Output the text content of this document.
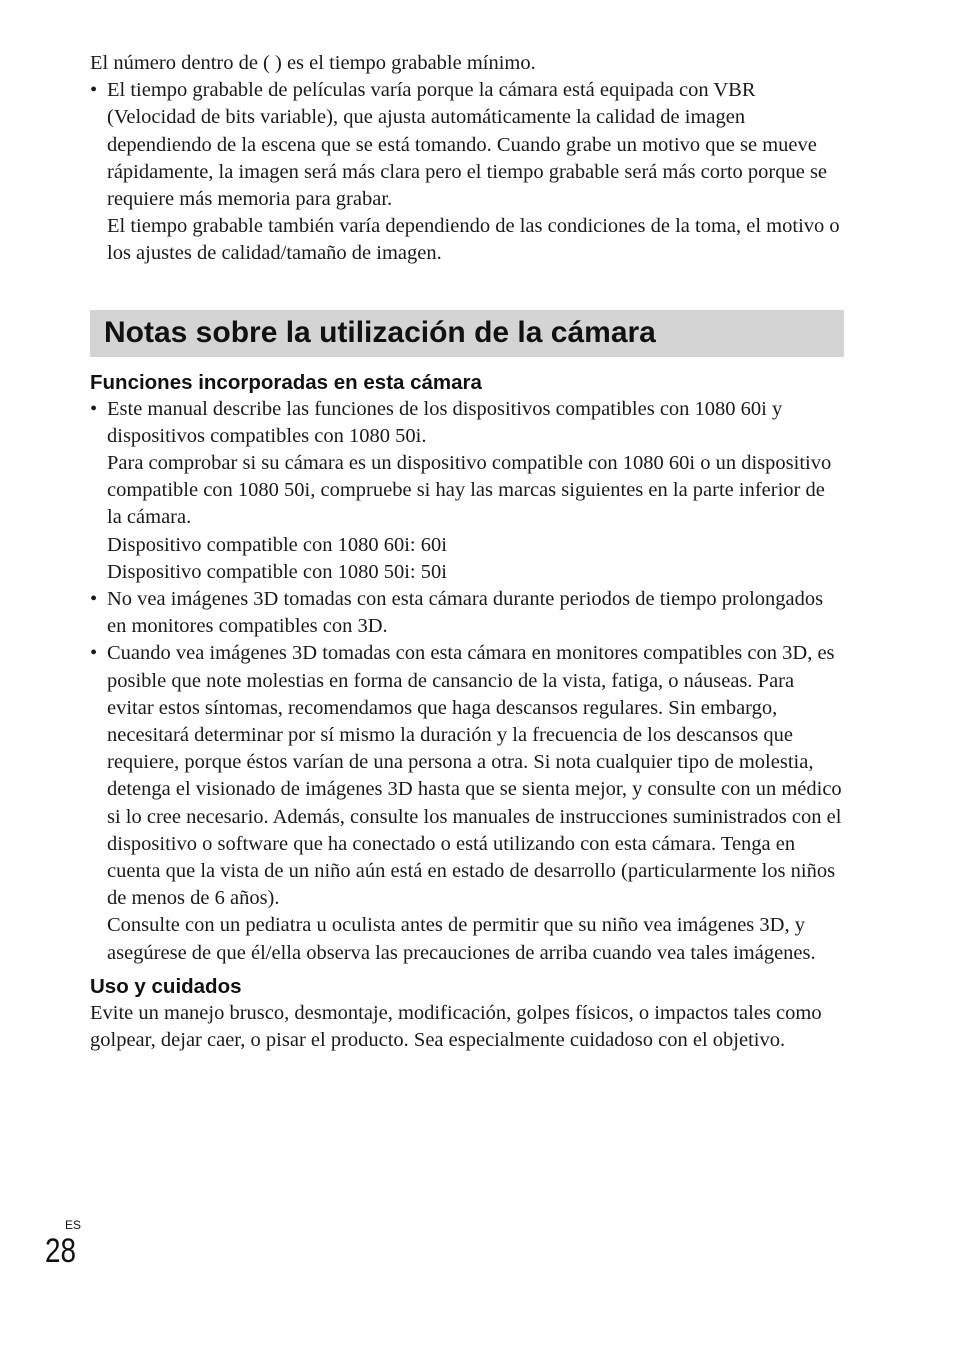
El número dentro de ( ) es el tiempo grabable mínimo.

• El tiempo grabable de películas varía porque la cámara está equipada con VBR (Velocidad de bits variable), que ajusta automáticamente la calidad de imagen dependiendo de la escena que se está tomando. Cuando grabe un motivo que se mueve rápidamente, la imagen será más clara pero el tiempo grabable será más corto porque se requiere más memoria para grabar.

El tiempo grabable también varía dependiendo de las condiciones de la toma, el motivo o los ajustes de calidad/tamaño de imagen.

Notas sobre la utilización de la cámara
Funciones incorporadas en esta cámara

• Este manual describe las funciones de los dispositivos compatibles con 1080 60i y dispositivos compatibles con 1080 50i.

Para comprobar si su cámara es un dispositivo compatible con 1080 60i o un dispositivo compatible con 1080 50i, compruebe si hay las marcas siguientes en la parte inferior de la cámara.

Dispositivo compatible con 1080 60i: 60i

Dispositivo compatible con 1080 50i: 50i

• No vea imágenes 3D tomadas con esta cámara durante periodos de tiempo prolongados en monitores compatibles con 3D.

• Cuando vea imágenes 3D tomadas con esta cámara en monitores compatibles con 3D, es posible que note molestias en forma de cansancio de la vista, fatiga, o náuseas. Para evitar estos síntomas, recomendamos que haga descansos regulares. Sin embargo, necesitará determinar por sí mismo la duración y la frecuencia de los descansos que requiere, porque éstos varían de una persona a otra. Si nota cualquier tipo de molestia, detenga el visionado de imágenes 3D hasta que se sienta mejor, y consulte con un médico si lo cree necesario. Además, consulte los manuales de instrucciones suministrados con el dispositivo o software que ha conectado o está utilizando con esta cámara. Tenga en cuenta que la vista de un niño aún está en estado de desarrollo (particularmente los niños de menos de 6 años).

Consulte con un pediatra u oculista antes de permitir que su niño vea imágenes 3D, y asegúrese de que él/ella observa las precauciones de arriba cuando vea tales imágenes.

Uso y cuidados

Evite un manejo brusco, desmontaje, modificación, golpes físicos, o impactos tales como golpear, dejar caer, o pisar el producto. Sea especialmente cuidadoso con el objetivo.

ES
28
